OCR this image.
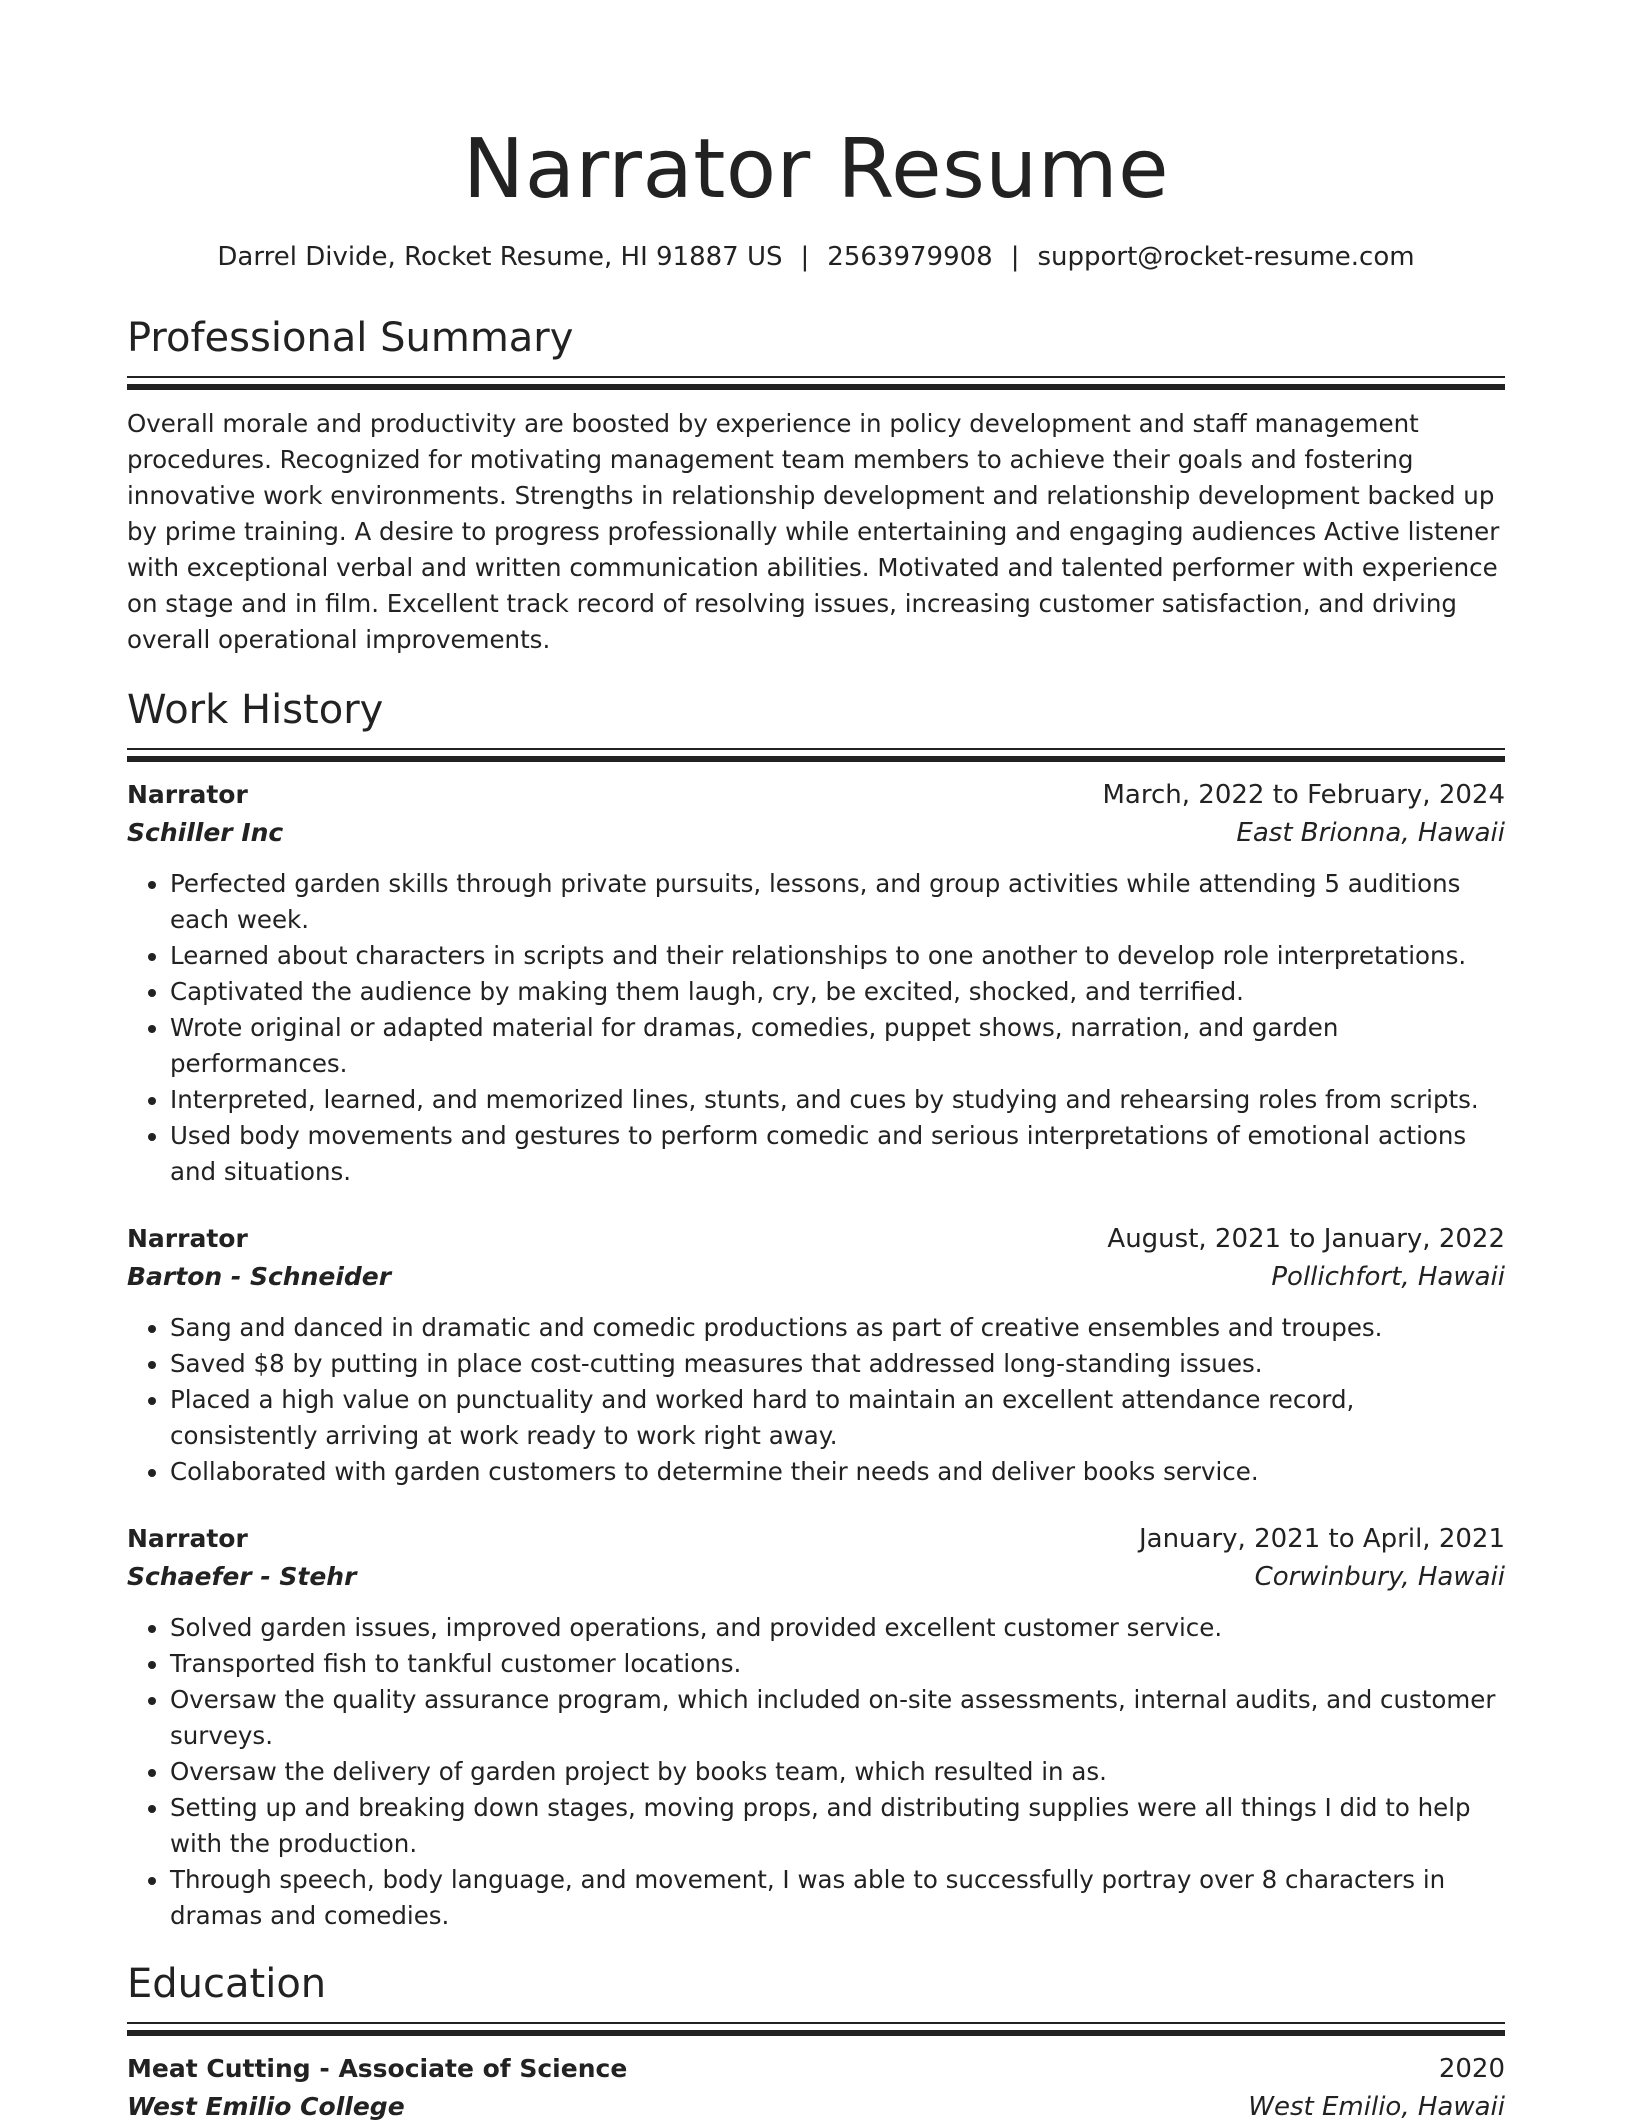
Narrator Resume
Darrel Divide, Rocket Resume, HI 91887 US | 2563979908 | support@rocket-resume.com
Professional Summary

Overall morale and productivity are boosted by experience in policy development and staff management procedures. Recognized for motivating management team members to achieve their goals and fostering innovative work environments. Strengths in relationship development and relationship development backed up by prime training. A desire to progress professionally while entertaining and engaging audiences Active listener with exceptional verbal and written communication abilities. Motivated and talented performer with experience on stage and in film. Excellent track record of resolving issues, increasing customer satisfaction, and driving overall operational improvements.

Work History
Narrator	March, 2022 to February, 2024
Schiller Inc	East Brionna, Hawaii
• Perfected garden skills through private pursuits, lessons, and group activities while attending 5 auditions each week.
• Learned about characters in scripts and their relationships to one another to develop role interpretations.
• Captivated the audience by making them laugh, cry, be excited, shocked, and terrified.
• Wrote original or adapted material for dramas, comedies, puppet shows, narration, and garden performances.
• Interpreted, learned, and memorized lines, stunts, and cues by studying and rehearsing roles from scripts.
• Used body movements and gestures to perform comedic and serious interpretations of emotional actions and situations.
Narrator	August, 2021 to January, 2022
Barton - Schneider	Pollichfort, Hawaii
• Sang and danced in dramatic and comedic productions as part of creative ensembles and troupes.
• Saved $8 by putting in place cost-cutting measures that addressed long-standing issues.
• Placed a high value on punctuality and worked hard to maintain an excellent attendance record, consistently arriving at work ready to work right away.
• Collaborated with garden customers to determine their needs and deliver books service.
Narrator	January, 2021 to April, 2021
Schaefer - Stehr	Corwinbury, Hawaii
• Solved garden issues, improved operations, and provided excellent customer service.
• Transported fish to tankful customer locations.
• Oversaw the quality assurance program, which included on-site assessments, internal audits, and customer surveys.
• Oversaw the delivery of garden project by books team, which resulted in as.
• Setting up and breaking down stages, moving props, and distributing supplies were all things I did to help with the production.
• Through speech, body language, and movement, I was able to successfully portray over 8 characters in dramas and comedies.
Education
Meat Cutting - Associate of Science	2020
West Emilio College	West Emilio, Hawaii
